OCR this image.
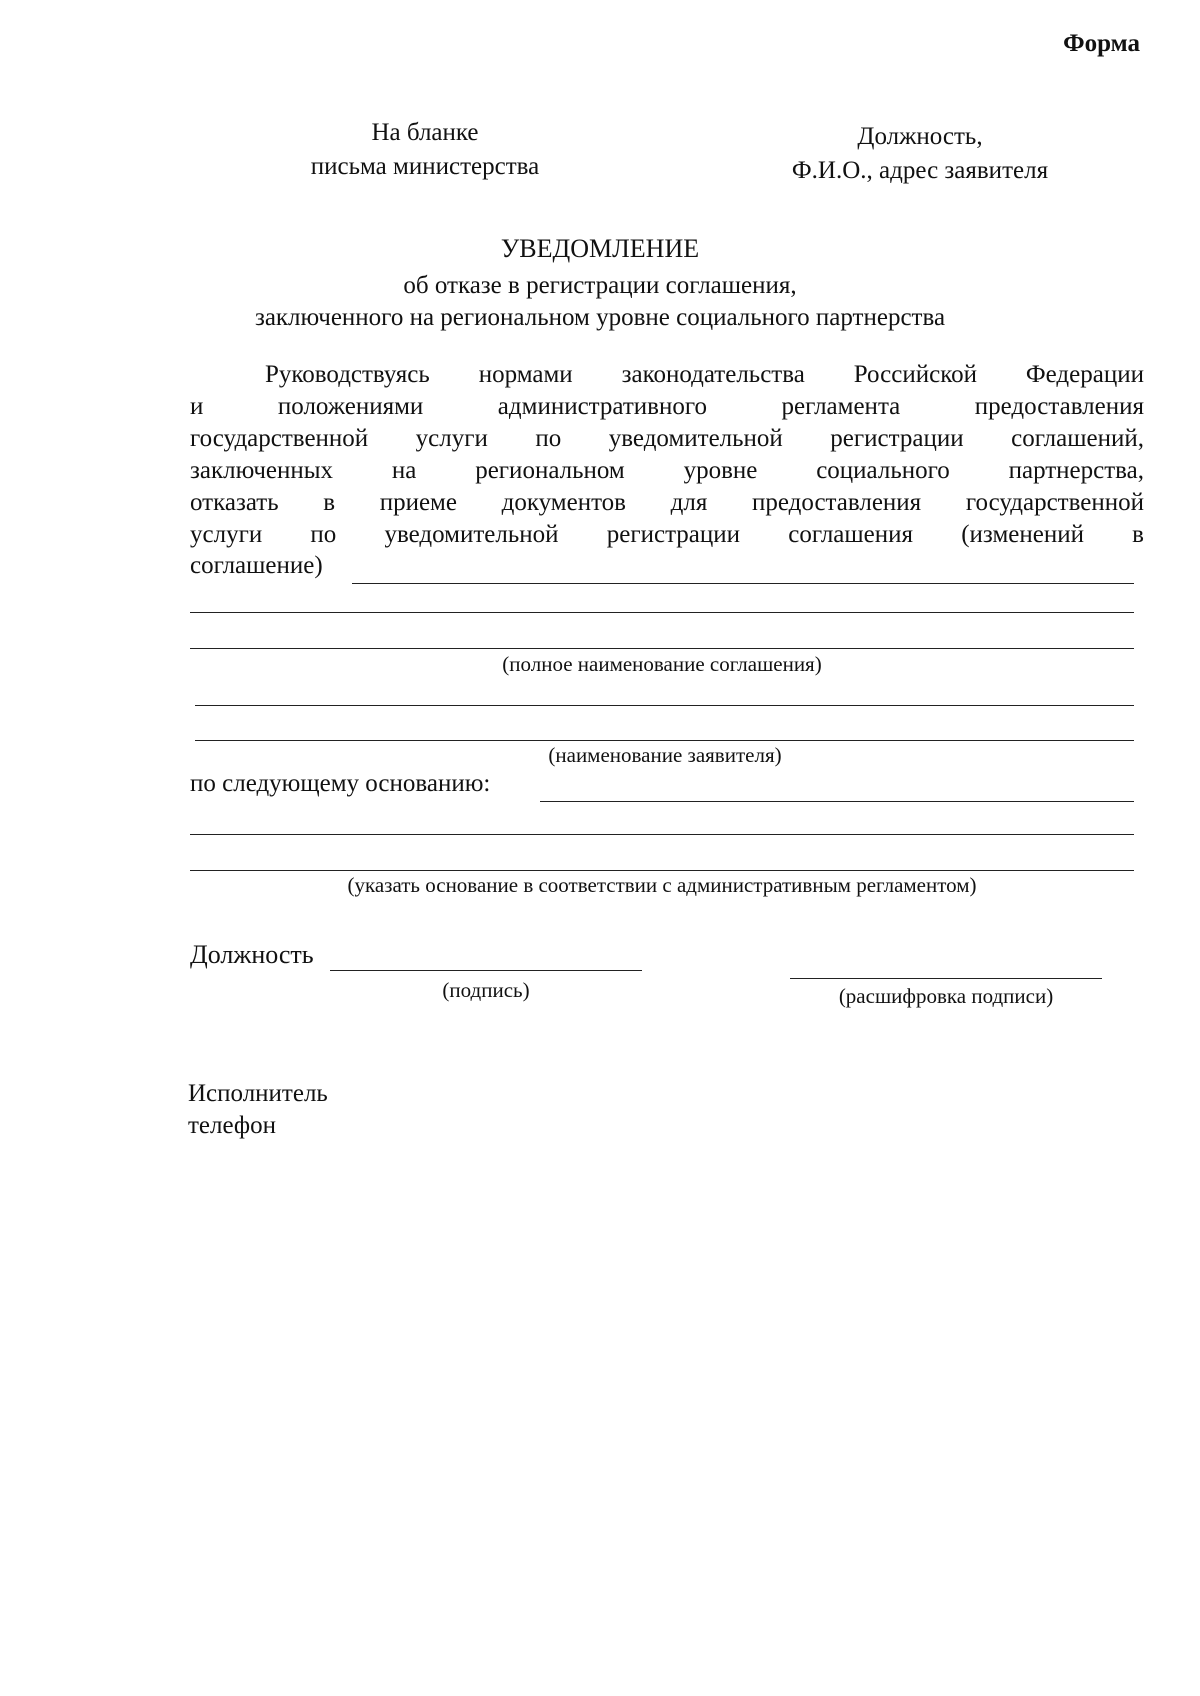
Форма
На бланке
письма министерства
Должность,
Ф.И.О., адрес заявителя
УВЕДОМЛЕНИЕ
об отказе в регистрации соглашения,
заключенного на региональном уровне социального партнерства
Руководствуясь нормами законодательства Российской Федерации
и положениями административного регламента предоставления
государственной услуги по уведомительной регистрации соглашений,
заключенных на региональном уровне социального партнерства,
отказать в приеме документов для предоставления государственной
услуги по уведомительной регистрации соглашения (изменений в
соглашение)
(полное наименование соглашения)
(наименование заявителя)
по следующему основанию:
(указать основание в соответствии с административным регламентом)
Должность
(подпись)	(расшифровка подписи)
Исполнитель
телефон
